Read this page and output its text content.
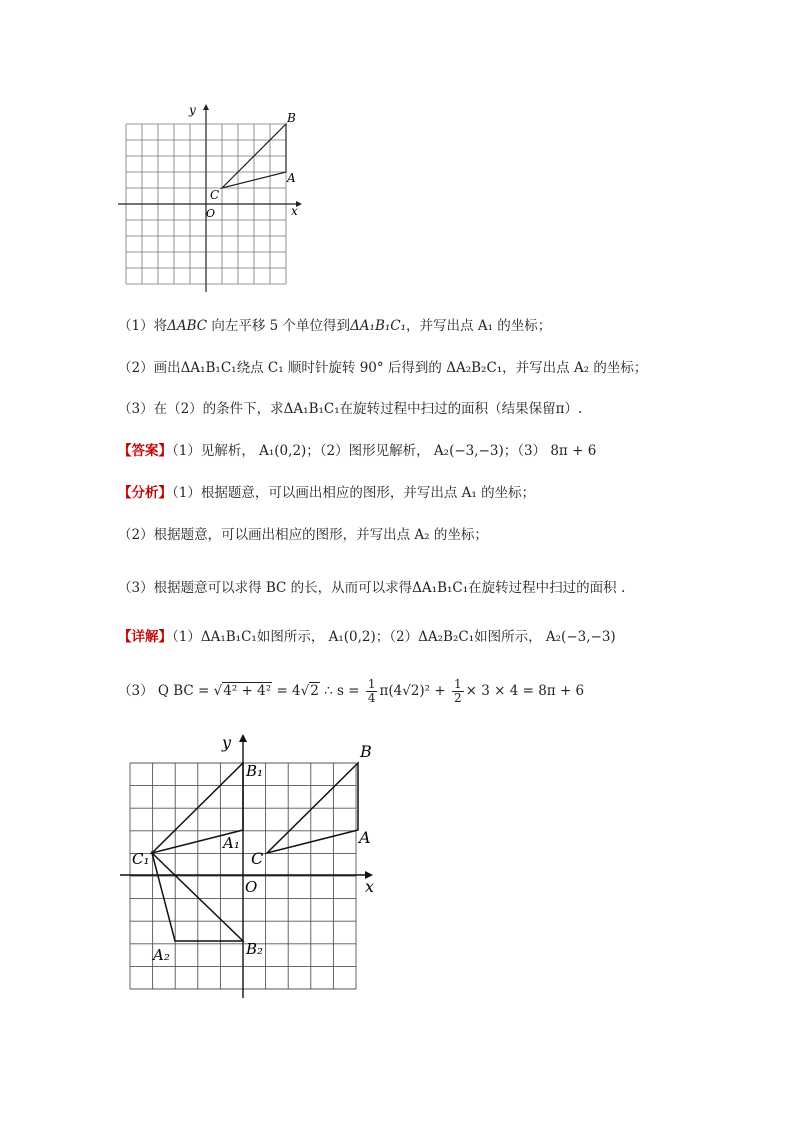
y
x
O
B
A
C
（1）将ΔABC 向左平移 5 个单位得到ΔA₁B₁C₁，并写出点 A₁ 的坐标；
（2）画出ΔA₁B₁C₁绕点 C₁ 顺时针旋转 90° 后得到的 ΔA₂B₂C₁，并写出点 A₂ 的坐标；
（3）在（2）的条件下，求ΔA₁B₁C₁在旋转过程中扫过的面积（结果保留π）.
【答案】（1）见解析， A₁(0,2)；（2）图形见解析， A₂(−3,−3)；（3） 8π + 6
【分析】（1）根据题意，可以画出相应的图形，并写出点 A₁ 的坐标；
（2）根据题意，可以画出相应的图形，并写出点 A₂ 的坐标；
（3）根据题意可以求得 BC 的长，从而可以求得ΔA₁B₁C₁在旋转过程中扫过的面积 .
【详解】（1）ΔA₁B₁C₁如图所示， A₁(0,2)；（2）ΔA₂B₂C₁如图所示， A₂(−3,−3)
（3） Q BC = √4² + 4² = 4√2 ∴ $s = \frac{1}{4} \pi(4√2)^2 + \frac{1}{2} \times 3 \times 4 = 8\pi + 6$
y
x
O
B
A
C
A₁
B₁
C₁
A₂	B₂
